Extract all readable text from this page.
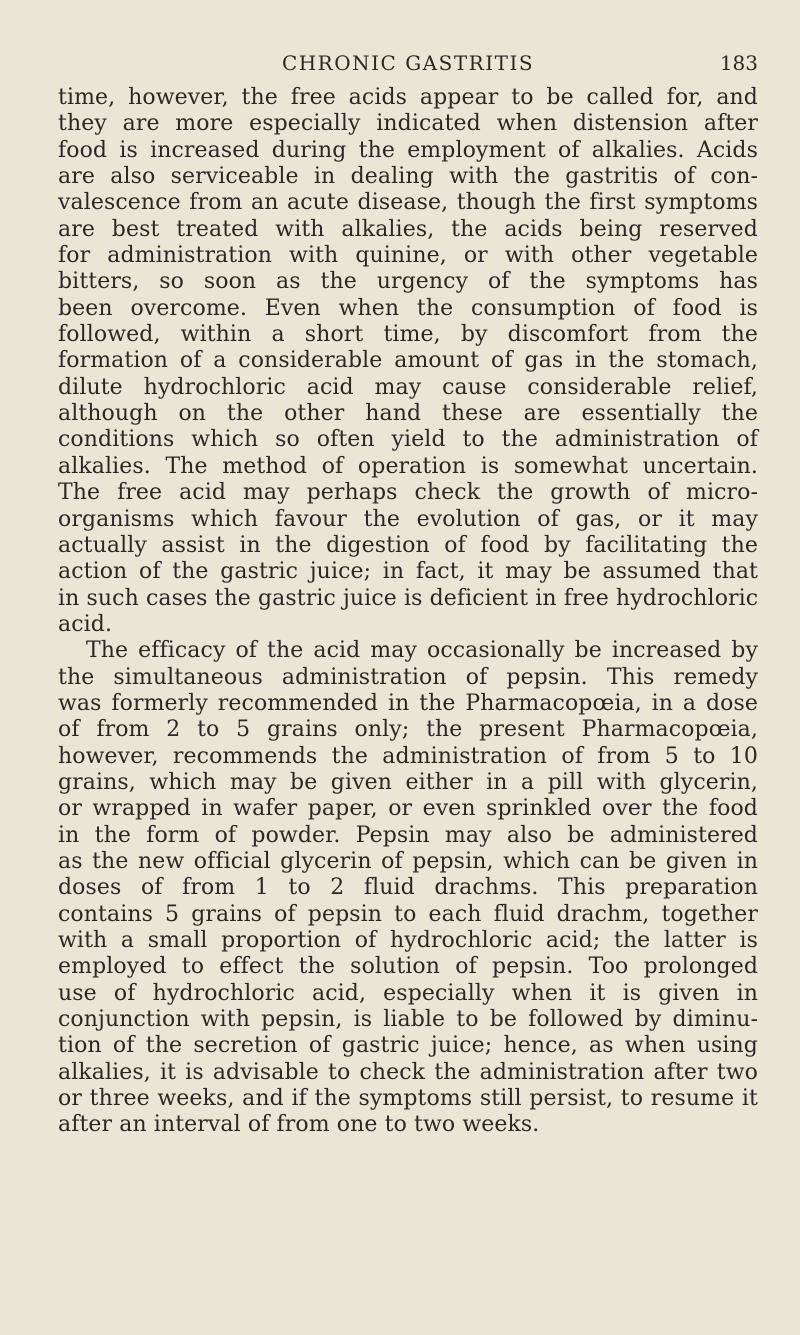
CHRONIC GASTRITIS	183
time, however, the free acids appear to be called for, and
they are more especially indicated when distension after
food is increased during the employment of alkalies. Acids
are also serviceable in dealing with the gastritis of con-
valescence from an acute disease, though the first symptoms
are best treated with alkalies, the acids being reserved
for administration with quinine, or with other vegetable
bitters, so soon as the urgency of the symptoms has
been overcome. Even when the consumption of food is
followed, within a short time, by discomfort from the
formation of a considerable amount of gas in the stomach,
dilute hydrochloric acid may cause considerable relief,
although on the other hand these are essentially the
conditions which so often yield to the administration of
alkalies. The method of operation is somewhat uncertain.
The free acid may perhaps check the growth of micro-
organisms which favour the evolution of gas, or it may
actually assist in the digestion of food by facilitating the
action of the gastric juice; in fact, it may be assumed that
in such cases the gastric juice is deficient in free hydrochloric
acid.
The efficacy of the acid may occasionally be increased by
the simultaneous administration of pepsin. This remedy
was formerly recommended in the Pharmacopœia, in a dose
of from 2 to 5 grains only; the present Pharmacopœia,
however, recommends the administration of from 5 to 10
grains, which may be given either in a pill with glycerin,
or wrapped in wafer paper, or even sprinkled over the food
in the form of powder. Pepsin may also be administered
as the new official glycerin of pepsin, which can be given in
doses of from 1 to 2 fluid drachms. This preparation
contains 5 grains of pepsin to each fluid drachm, together
with a small proportion of hydrochloric acid; the latter is
employed to effect the solution of pepsin. Too prolonged
use of hydrochloric acid, especially when it is given in
conjunction with pepsin, is liable to be followed by diminu-
tion of the secretion of gastric juice; hence, as when using
alkalies, it is advisable to check the administration after two
or three weeks, and if the symptoms still persist, to resume it
after an interval of from one to two weeks.
